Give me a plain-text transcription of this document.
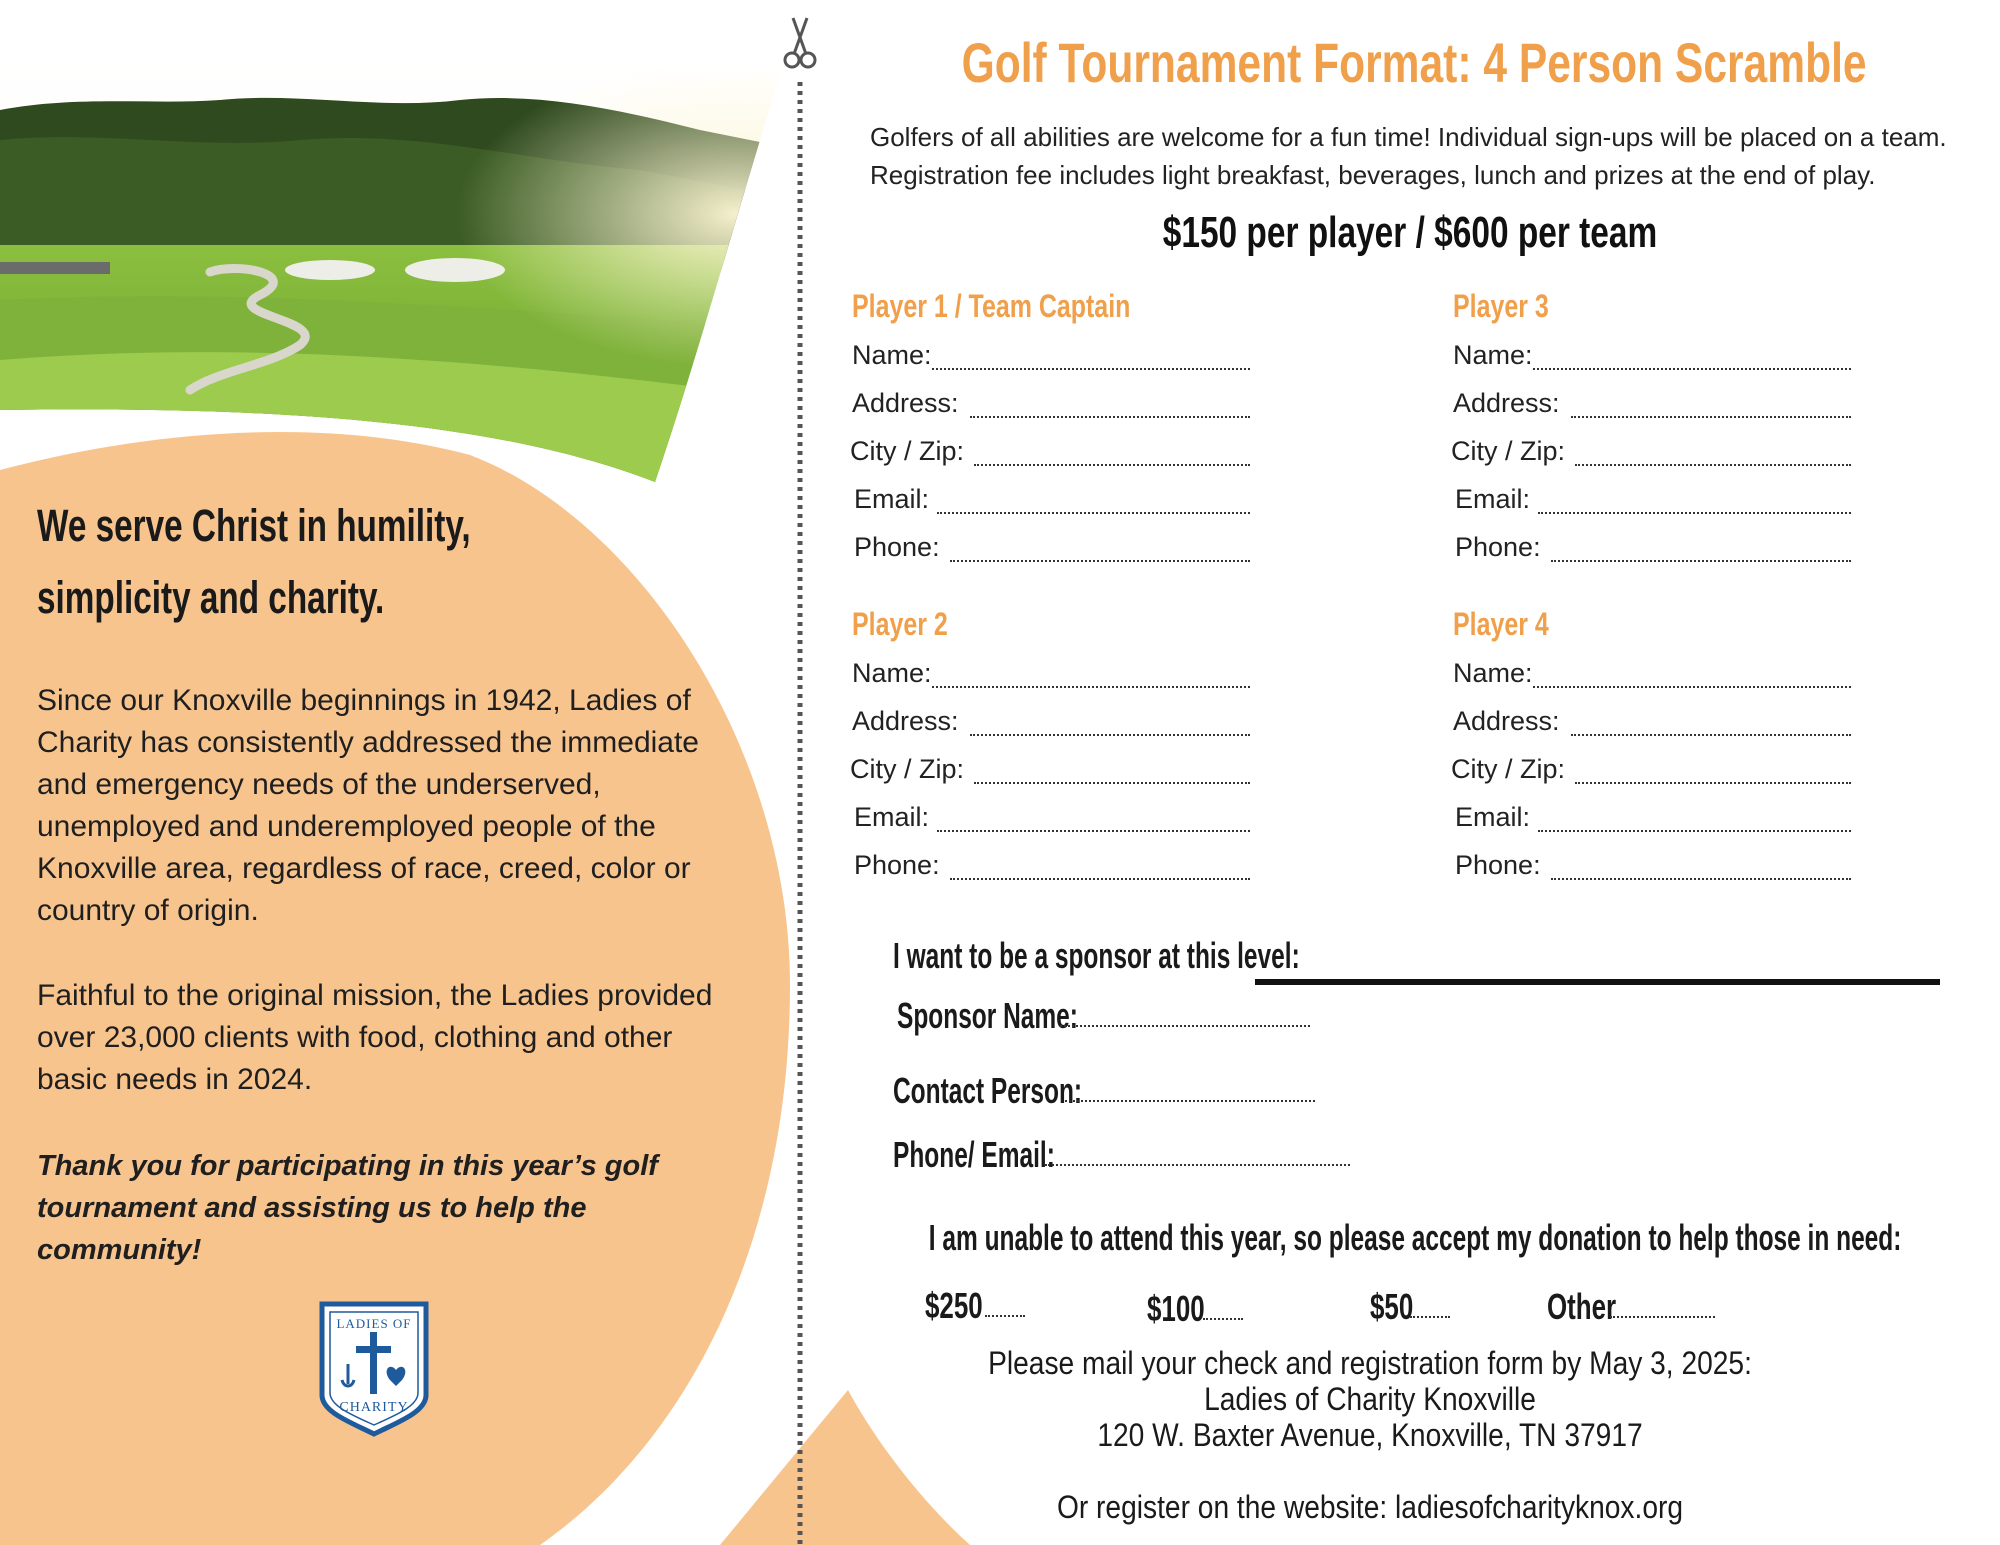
We serve Christ in humility,
simplicity and charity.
Since our Knoxville beginnings in 1942, Ladies of
Charity has consistently addressed the immediate
and emergency needs of the underserved,
unemployed and underemployed people of the
Knoxville area, regardless of race, creed, color or
country of origin.
Faithful to the original mission, the Ladies provided
over 23,000 clients with food, clothing and other
basic needs in 2024.
Thank you for participating in this year’s golf
tournament and assisting us to help the
community!
LADIES OF
CHARITY
Golf Tournament Format: 4 Person Scramble
Golfers of all abilities are welcome for a fun time! Individual sign-ups will be placed on a team.
Registration fee includes light breakfast, beverages, lunch and prizes at the end of play.
$150 per player / $600 per team
Player 1 / Team Captain
Name:
Address:
City / Zip:
Email:
Phone:
Player 3
Name:
Address:
City / Zip:
Email:
Phone:
Player 2
Name:
Address:
City / Zip:
Email:
Phone:
Player 4
Name:
Address:
City / Zip:
Email:
Phone:
I want to be a sponsor at this level:
Sponsor Name:
Contact Person:
Phone/ Email:
I am unable to attend this year, so please accept my donation to help those in need:
$250	$100	$50	Other
Please mail your check and registration form by May 3, 2025:
Ladies of Charity Knoxville
120 W. Baxter Avenue, Knoxville, TN 37917
Or register on the website: ladiesofcharityknox.org
